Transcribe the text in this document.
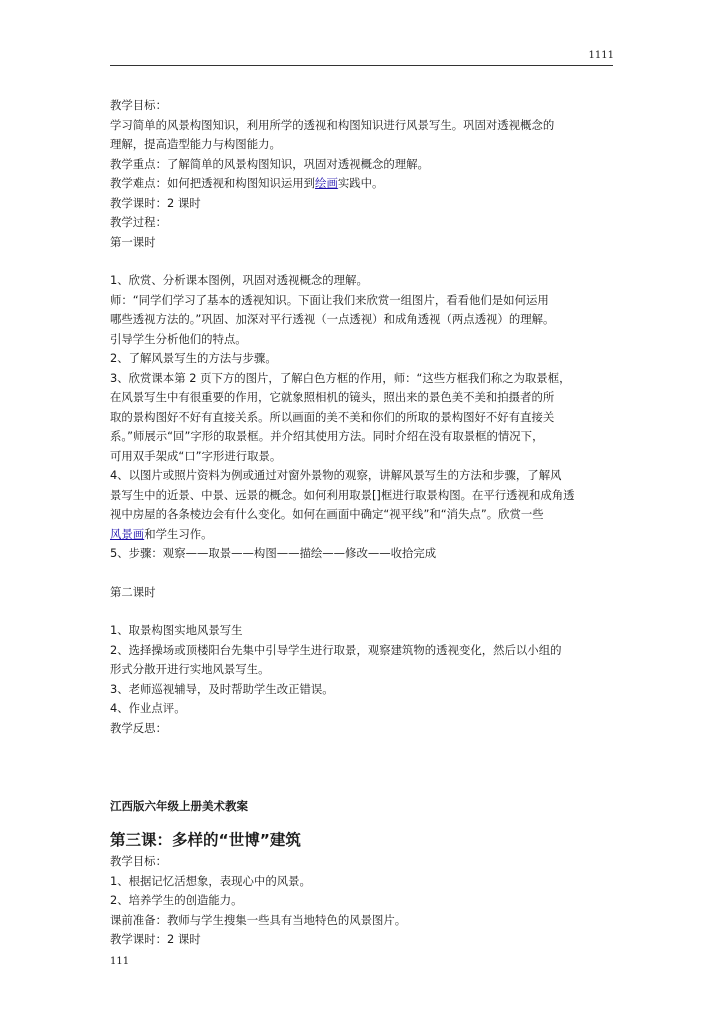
1111

教学目标：

学习简单的风景构图知识，利用所学的透视和构图知识进行风景写生。巩固对透视概念的

理解，提高造型能力与构图能力。

教学重点：了解简单的风景构图知识，巩固对透视概念的理解。

教学难点：如何把透视和构图知识运用到绘画实践中。

教学课时：2 课时

教学过程：

第一课时

1、欣赏、分析课本图例，巩固对透视概念的理解。

师：“同学们学习了基本的透视知识。下面让我们来欣赏一组图片，看看他们是如何运用

哪些透视方法的。”巩固、加深对平行透视（一点透视）和成角透视（两点透视）的理解。

引导学生分析他们的特点。

2、了解风景写生的方法与步骤。

3、欣赏课本第 2 页下方的图片，了解白色方框的作用，师：“这些方框我们称之为取景框，

在风景写生中有很重要的作用，它就象照相机的镜头，照出来的景色美不美和拍摄者的所

取的景构图好不好有直接关系。所以画面的美不美和你们的所取的景构图好不好有直接关

系。”师展示“回”字形的取景框。并介绍其使用方法。同时介绍在没有取景框的情况下，

可用双手架成“口”字形进行取景。

4、以图片或照片资料为例或通过对窗外景物的观察，讲解风景写生的方法和步骤，了解风

景写生中的近景、中景、远景的概念。如何利用取景[]框进行取景构图。在平行透视和成角透

视中房屋的各条棱边会有什么变化。如何在画面中确定“视平线”和“消失点”。欣赏一些

风景画和学生习作。

5、步骤：观察——取景——构图——描绘——修改——收拾完成

第二课时

1、取景构图实地风景写生

2、选择操场或顶楼阳台先集中引导学生进行取景，观察建筑物的透视变化，然后以小组的

形式分散开进行实地风景写生。

3、老师巡视辅导，及时帮助学生改正错误。

4、作业点评。

教学反思：

江西版六年级上册美术教案

第三课：多样的“世博”建筑

教学目标：

1、根据记忆活想象，表现心中的风景。

2、培养学生的创造能力。

课前准备：教师与学生搜集一些具有当地特色的风景图片。

教学课时：2 课时

111
